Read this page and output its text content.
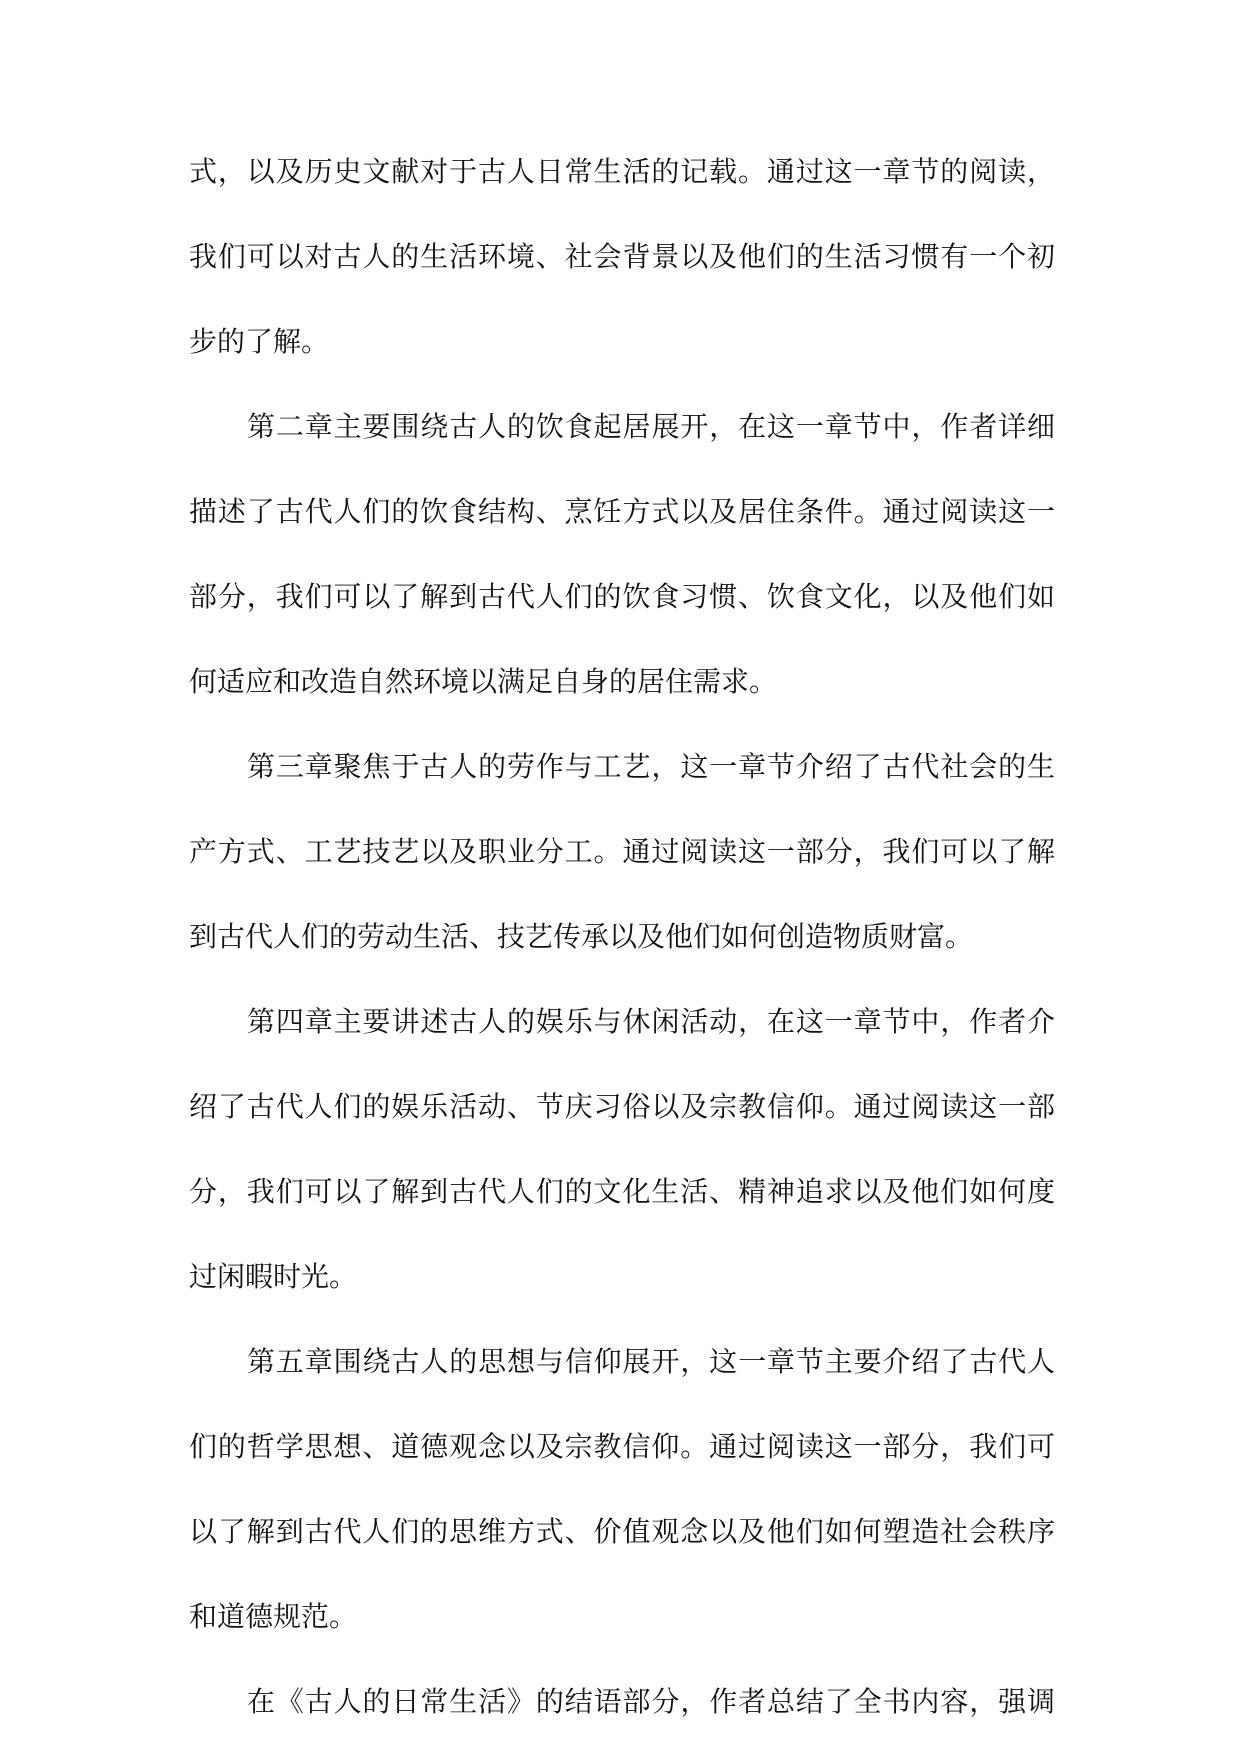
式，以及历史文献对于古人日常生活的记载。通过这一章节的阅读，
我们可以对古人的生活环境、社会背景以及他们的生活习惯有一个初
步的了解。
第二章主要围绕古人的饮食起居展开，在这一章节中，作者详细
描述了古代人们的饮食结构、烹饪方式以及居住条件。通过阅读这一
部分，我们可以了解到古代人们的饮食习惯、饮食文化，以及他们如
何适应和改造自然环境以满足自身的居住需求。
第三章聚焦于古人的劳作与工艺，这一章节介绍了古代社会的生
产方式、工艺技艺以及职业分工。通过阅读这一部分，我们可以了解
到古代人们的劳动生活、技艺传承以及他们如何创造物质财富。
第四章主要讲述古人的娱乐与休闲活动，在这一章节中，作者介
绍了古代人们的娱乐活动、节庆习俗以及宗教信仰。通过阅读这一部
分，我们可以了解到古代人们的文化生活、精神追求以及他们如何度
过闲暇时光。
第五章围绕古人的思想与信仰展开，这一章节主要介绍了古代人
们的哲学思想、道德观念以及宗教信仰。通过阅读这一部分，我们可
以了解到古代人们的思维方式、价值观念以及他们如何塑造社会秩序
和道德规范。
在《古人的日常生活》的结语部分，作者总结了全书内容，强调
